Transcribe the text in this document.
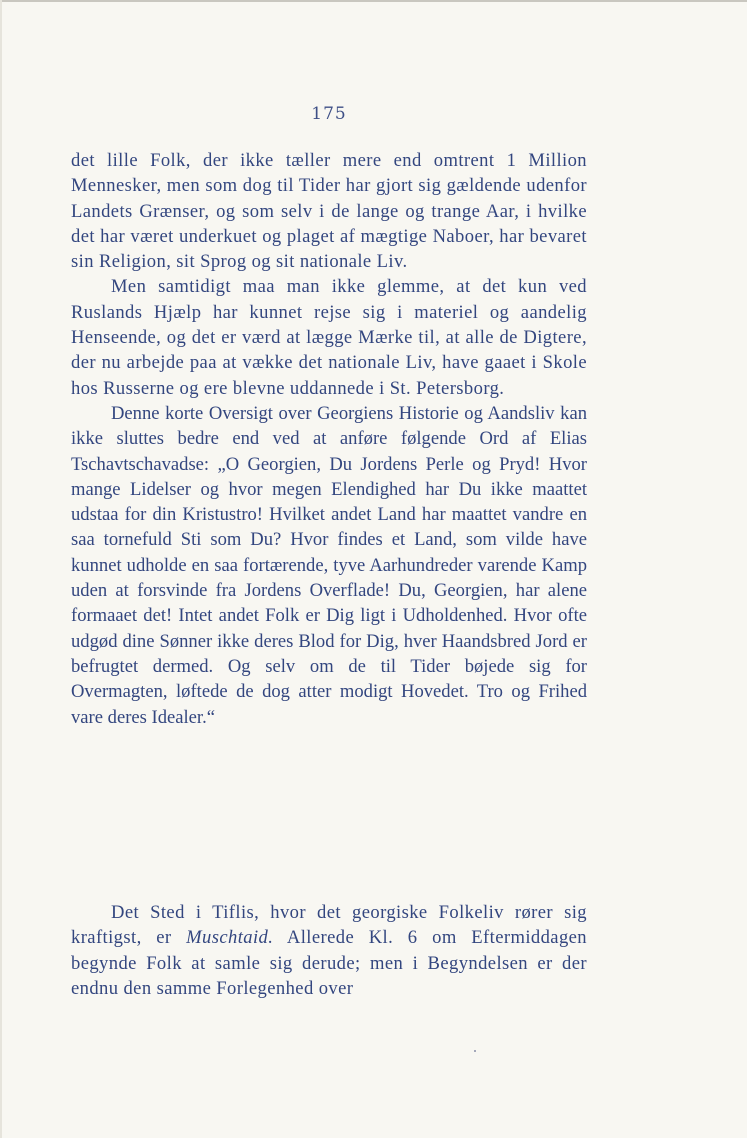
175

det lille Folk, der ikke tæller mere end omtrent 1 Million Mennesker, men som dog til Tider har gjort sig gældende udenfor Landets Grænser, og som selv i de lange og trange Aar, i hvilke det har været underkuet og plaget af mægtige Naboer, har bevaret sin Religion, sit Sprog og sit nationale Liv.

Men samtidigt maa man ikke glemme, at det kun ved Ruslands Hjælp har kunnet rejse sig i materiel og aandelig Henseende, og det er værd at lægge Mærke til, at alle de Digtere, der nu arbejde paa at vække det nationale Liv, have gaaet i Skole hos Russerne og ere blevne uddannede i St. Petersborg.

Denne korte Oversigt over Georgiens Historie og Aandsliv kan ikke sluttes bedre end ved at anføre følgende Ord af Elias Tschavtschavadse: „O Georgien, Du Jordens Perle og Pryd! Hvor mange Lidelser og hvor megen Elendighed har Du ikke maattet udstaa for din Kristustro! Hvilket andet Land har maattet vandre en saa tornefuld Sti som Du? Hvor findes et Land, som vilde have kunnet udholde en saa fortærende, tyve Aarhundreder varende Kamp uden at forsvinde fra Jordens Overflade! Du, Georgien, har alene formaaet det! Intet andet Folk er Dig ligt i Udholdenhed. Hvor ofte udgød dine Sønner ikke deres Blod for Dig, hver Haandsbred Jord er befrugtet dermed. Og selv om de til Tider bøjede sig for Overmagten, løftede de dog atter modigt Hovedet. Tro og Frihed vare deres Idealer.“

Det Sted i Tiflis, hvor det georgiske Folkeliv rører sig kraftigst, er Muschtaid. Allerede Kl. 6 om Eftermiddagen begynde Folk at samle sig derude; men i Begyndelsen er der endnu den samme Forlegenhed over
